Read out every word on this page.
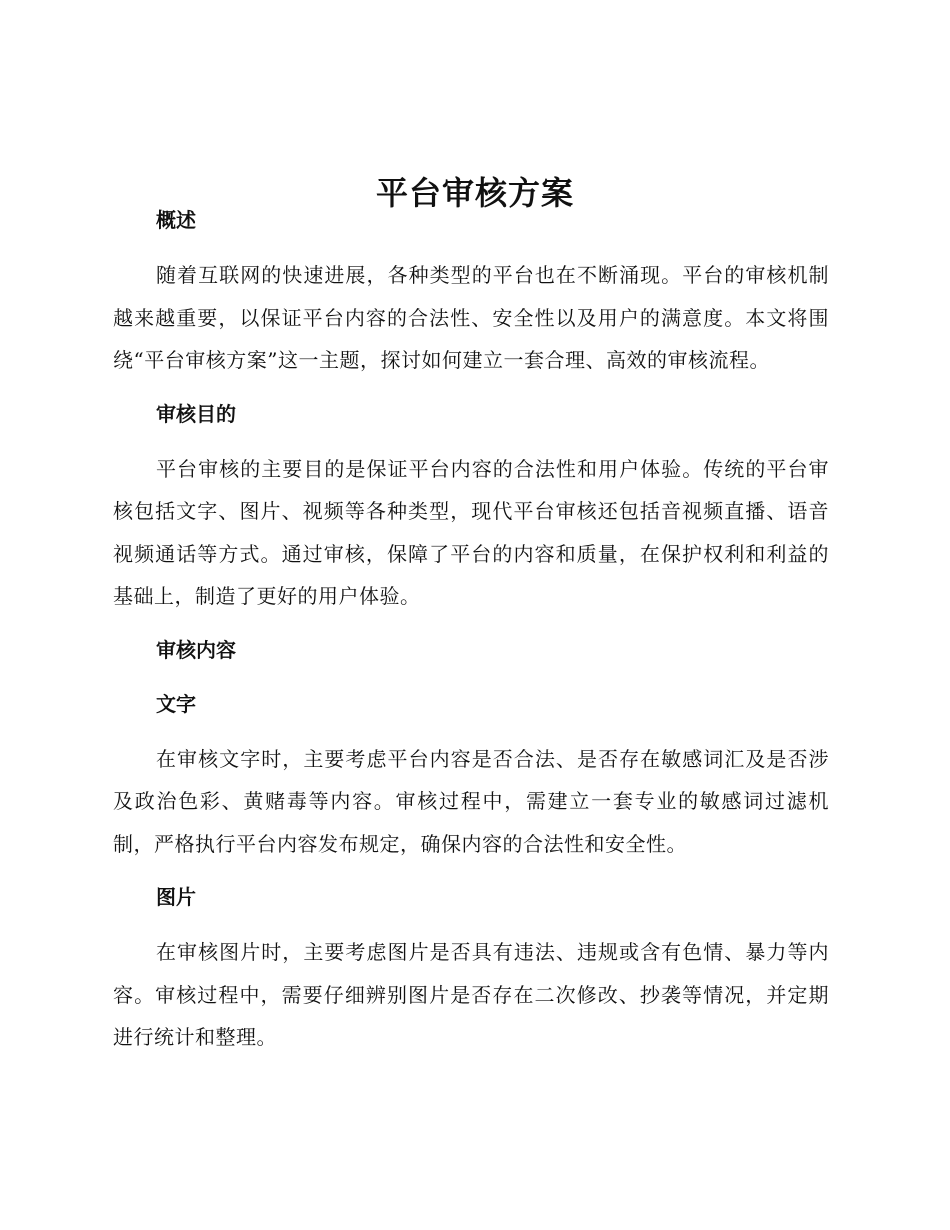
平台审核方案
概述

随着互联网的快速进展，各种类型的平台也在不断涌现。平台的审核机制越来越重要，以保证平台内容的合法性、安全性以及用户的满意度。本文将围绕“平台审核方案”这一主题，探讨如何建立一套合理、高效的审核流程。

审核目的

平台审核的主要目的是保证平台内容的合法性和用户体验。传统的平台审核包括文字、图片、视频等各种类型，现代平台审核还包括音视频直播、语音视频通话等方式。通过审核，保障了平台的内容和质量，在保护权利和利益的基础上，制造了更好的用户体验。

审核内容
文字

在审核文字时，主要考虑平台内容是否合法、是否存在敏感词汇及是否涉及政治色彩、黄赌毒等内容。审核过程中，需建立一套专业的敏感词过滤机制，严格执行平台内容发布规定，确保内容的合法性和安全性。

图片

在审核图片时，主要考虑图片是否具有违法、违规或含有色情、暴力等内容。审核过程中，需要仔细辨别图片是否存在二次修改、抄袭等情况，并定期进行统计和整理。
